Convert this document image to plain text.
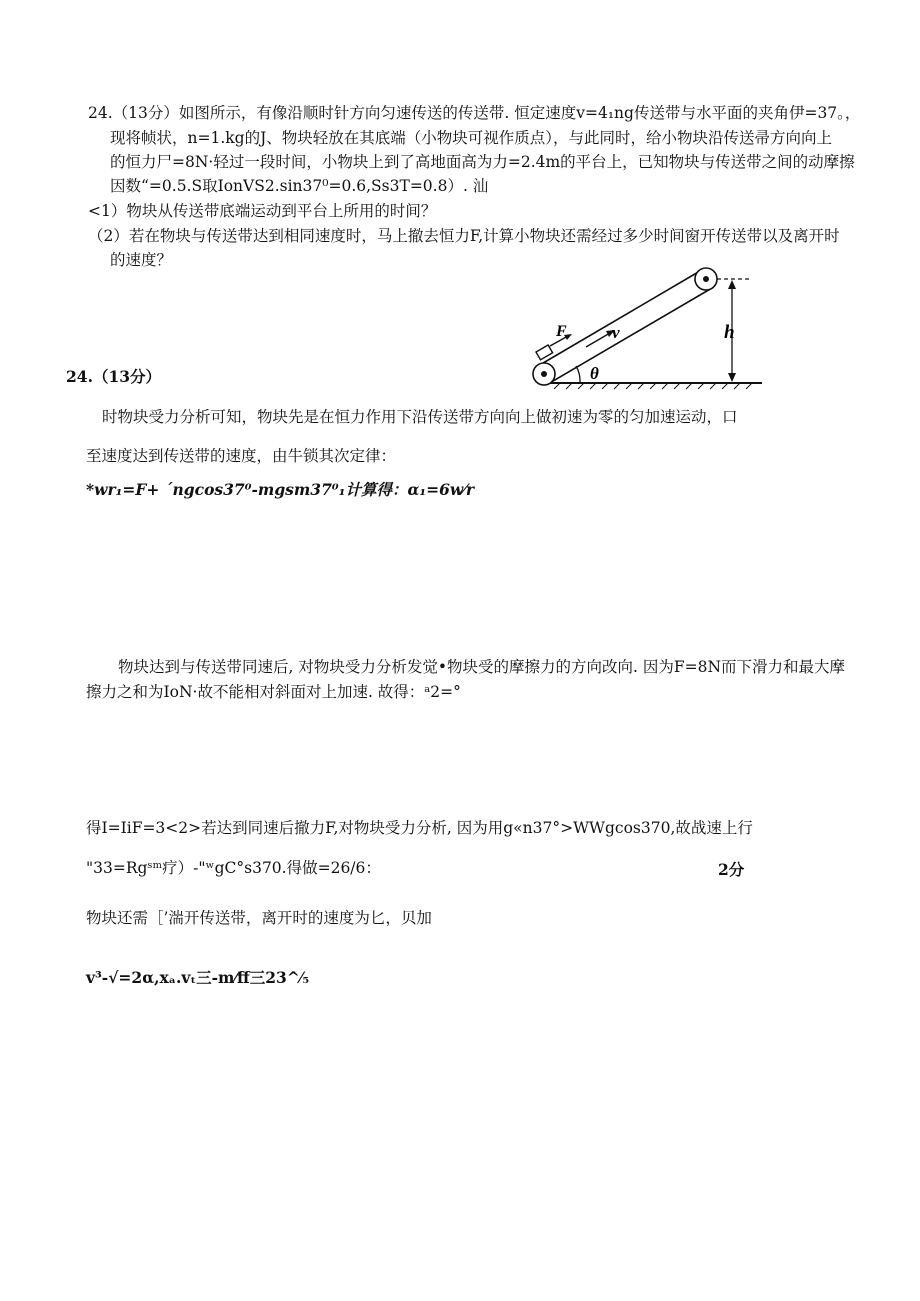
24.（13分）如图所示，有像沿顺时针方向匀速传送的传送带. 恒定速度v=4₁ng传送带与水平面的夹角伊=37。，
现将帧状，n=1.kg的J、物块轻放在其底端（小物块可视作质点），与此同时，给小物块沿传送帚方向向上
的恒力尸=8N·轻过一段时间，小物块上到了高地面高为力=2.4m的平台上，已知物块与传送带之间的动摩擦
因数“=0.5.S取IonVS2.sin37⁰=0.6,Ss3T=0.8）. 汕
<1）物块从传送带底端运动到平台上所用的时间？
（2）若在物块与传送带达到相同速度时，马上撤去恒力F,计算小物块还需经过多少时间窗开传送带以及离开时
的速度？
F	v
θ
h
24.（13分）
时物块受力分析可知，物块先是在恒力作用下沿传送带方向向上做初速为零的匀加速运动，口
至速度达到传送带的速度，由牛锁其次定律：
*wr₁=F+ ˊngcos37⁰-mgsm37⁰₁计算得：α₁=6w⁄r
物块达到与传送带同速后, 对物块受力分析发觉•物块受的摩擦力的方向改向. 因为F=8N而下滑力和最大摩
擦力之和为IoN·故不能相对斜面对上加速. 故得：ᵃ2=°
得I=IiF=3<2>若达到同速后撤力F,对物块受力分析, 因为用g«n37°>WWgcos370,故战速上行
"33=Rgˢᵐ疗）-"ʷgC°s370.得做=26/6：	2分
物块还需［’湍开传送带，离开时的速度为匕，贝加
v³-√=2α,xₐ.vₜ三-m⁄ff三23^⁄₅
